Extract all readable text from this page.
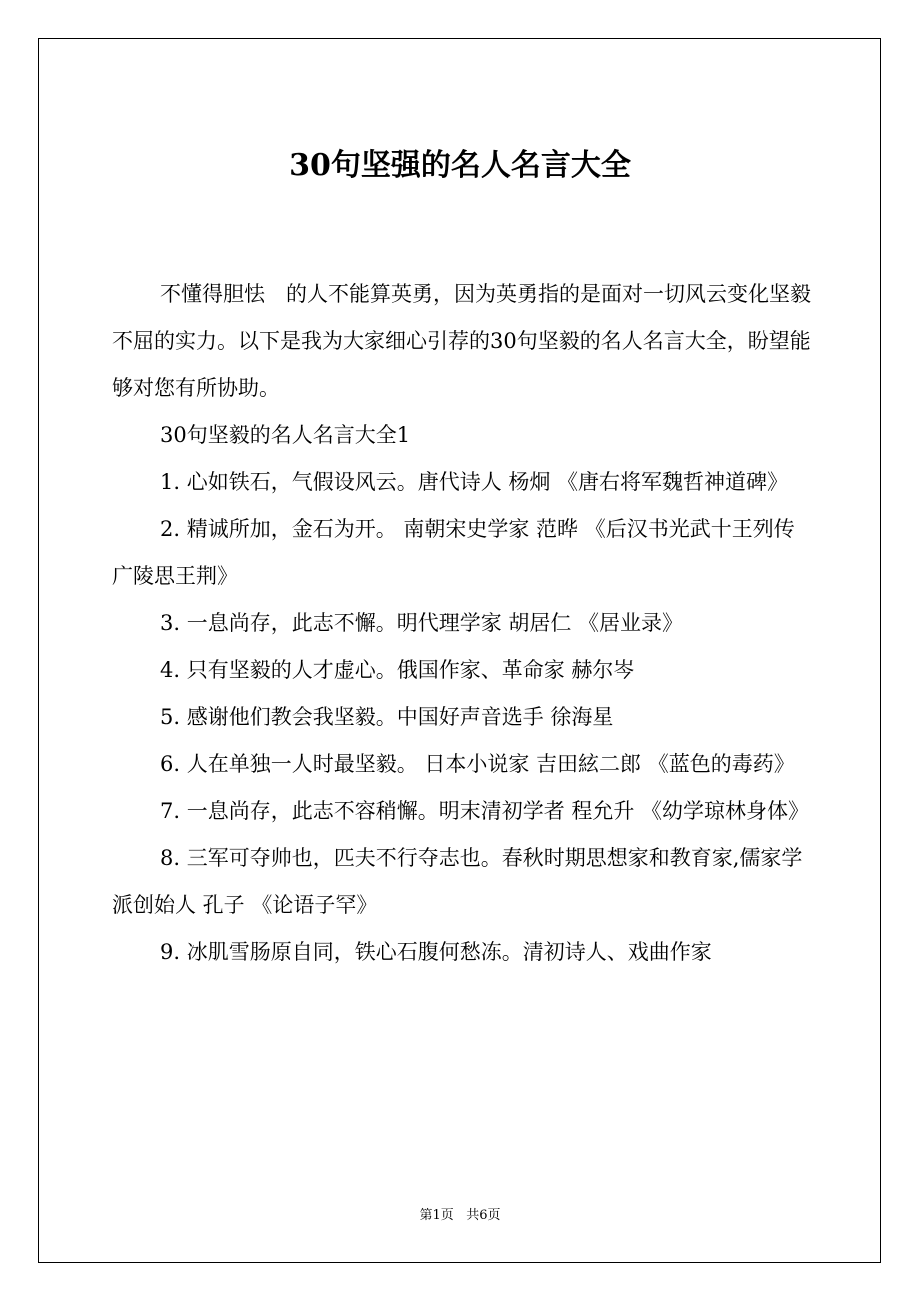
30句坚强的名人名言大全

不懂得胆怯　的人不能算英勇，因为英勇指的是面对一切风云变化坚毅不屈的实力。以下是我为大家细心引荐的30句坚毅的名人名言大全，盼望能够对您有所协助。

30句坚毅的名人名言大全1

1. 心如铁石，气假设风云。唐代诗人 杨炯 《唐右将军魏哲神道碑》

2. 精诚所加，金石为开。 南朝宋史学家 范晔 《后汉书光武十王列传广陵思王荆》

3. 一息尚存，此志不懈。明代理学家 胡居仁 《居业录》

4. 只有坚毅的人才虚心。俄国作家、革命家 赫尔岑

5. 感谢他们教会我坚毅。中国好声音选手 徐海星

6. 人在单独一人时最坚毅。 日本小说家 吉田絃二郎 《蓝色的毒药》

7. 一息尚存，此志不容稍懈。明末清初学者 程允升 《幼学琼林身体》

8. 三军可夺帅也，匹夫不行夺志也。春秋时期思想家和教育家,儒家学派创始人 孔子 《论语子罕》

9. 冰肌雪肠原自同，铁心石腹何愁冻。清初诗人、戏曲作家

第1页 共6页
